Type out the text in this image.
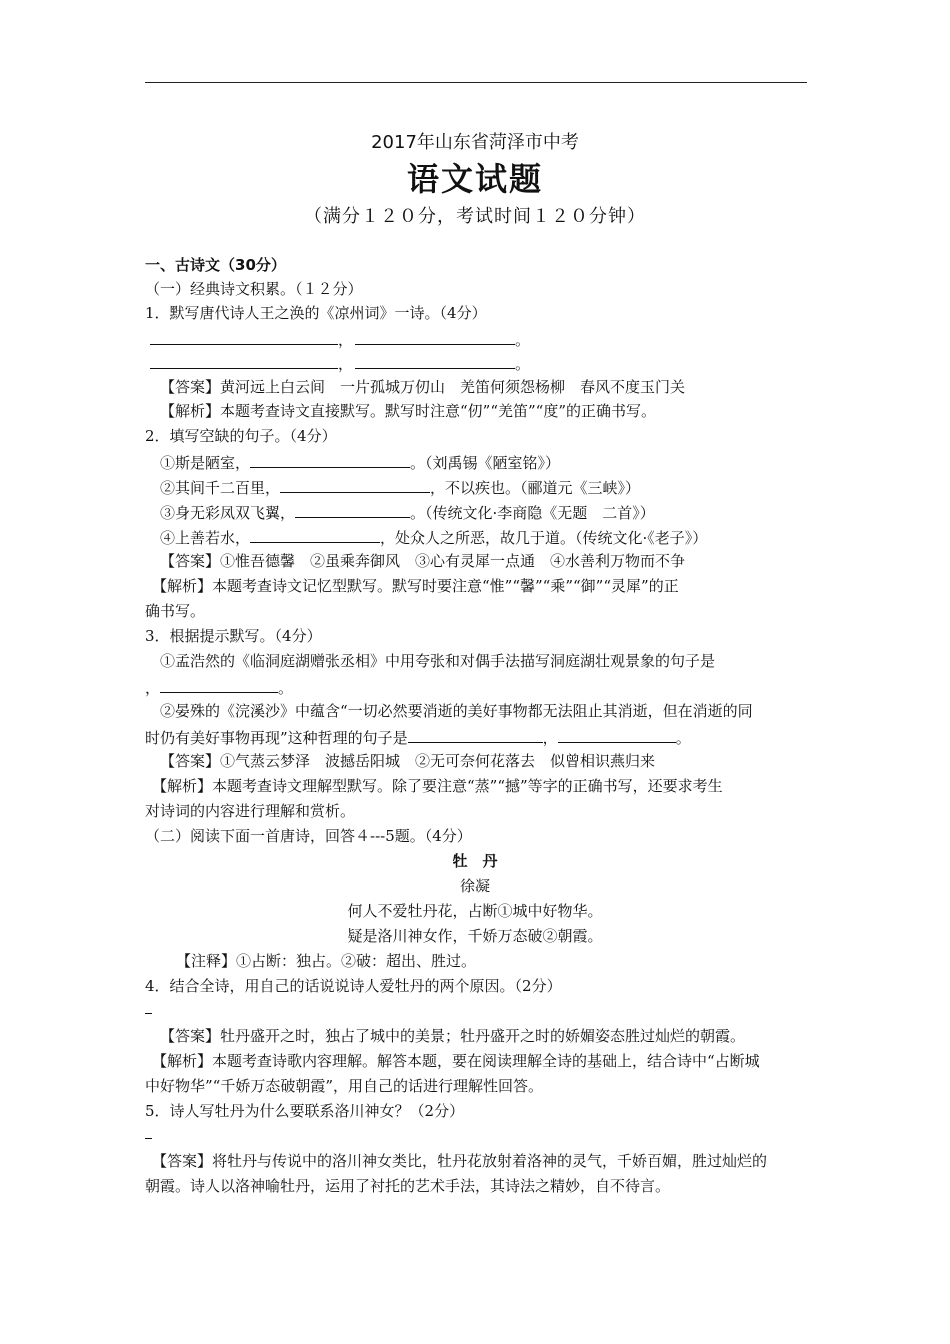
2017年山东省菏泽市中考
语文试题
（满分１２０分，考试时间１２０分钟）
一、古诗文（30分）
（一）经典诗文积累。（１２分）
1．默写唐代诗人王之涣的《凉州词》一诗。（4分）
，	。
，	。
【答案】黄河远上白云间　一片孤城万仞山　羌笛何须怨杨柳　春风不度玉门关
【解析】本题考查诗文直接默写。默写时注意“仞”“羌笛”“度”的正确书写。
2．填写空缺的句子。（4分）
①斯是陋室，	。（刘禹锡《陋室铭》）
②其间千二百里，	，不以疾也。（郦道元《三峡》）
③身无彩凤双飞翼，	。（传统文化·李商隐《无题　二首》）
④上善若水，	，处众人之所恶，故几于道。（传统文化·《老子》）
【答案】①惟吾德馨　②虽乘奔御风　③心有灵犀一点通　④水善利万物而不争
【解析】本题考查诗文记忆型默写。默写时要注意“惟”“馨”“乘”“御”“灵犀”的正
确书写。
3．根据提示默写。（4分）
①孟浩然的《临洞庭湖赠张丞相》中用夸张和对偶手法描写洞庭湖壮观景象的句子是
，	。
②晏殊的《浣溪沙》中蕴含“一切必然要消逝的美好事物都无法阻止其消逝，但在消逝的同
时仍有美好事物再现”这种哲理的句子是	，	。
【答案】①气蒸云梦泽　波撼岳阳城　②无可奈何花落去　似曾相识燕归来
【解析】本题考查诗文理解型默写。除了要注意“蒸”“撼”等字的正确书写，还要求考生
对诗词的内容进行理解和赏析。
（二）阅读下面一首唐诗，回答４---5题。（4分）
牡　丹
徐凝
何人不爱牡丹花，占断①城中好物华。
疑是洛川神女作，千娇万态破②朝霞。
【注释】①占断：独占。②破：超出、胜过。
4．结合全诗，用自己的话说说诗人爱牡丹的两个原因。（2分）
【答案】牡丹盛开之时，独占了城中的美景；牡丹盛开之时的娇媚姿态胜过灿烂的朝霞。
【解析】本题考查诗歌内容理解。解答本题，要在阅读理解全诗的基础上，结合诗中“占断城
中好物华”“千娇万态破朝霞”，用自己的话进行理解性回答。
5．诗人写牡丹为什么要联系洛川神女？（2分）
【答案】将牡丹与传说中的洛川神女类比，牡丹花放射着洛神的灵气，千娇百媚，胜过灿烂的
朝霞。诗人以洛神喻牡丹，运用了衬托的艺术手法，其诗法之精妙，自不待言。
